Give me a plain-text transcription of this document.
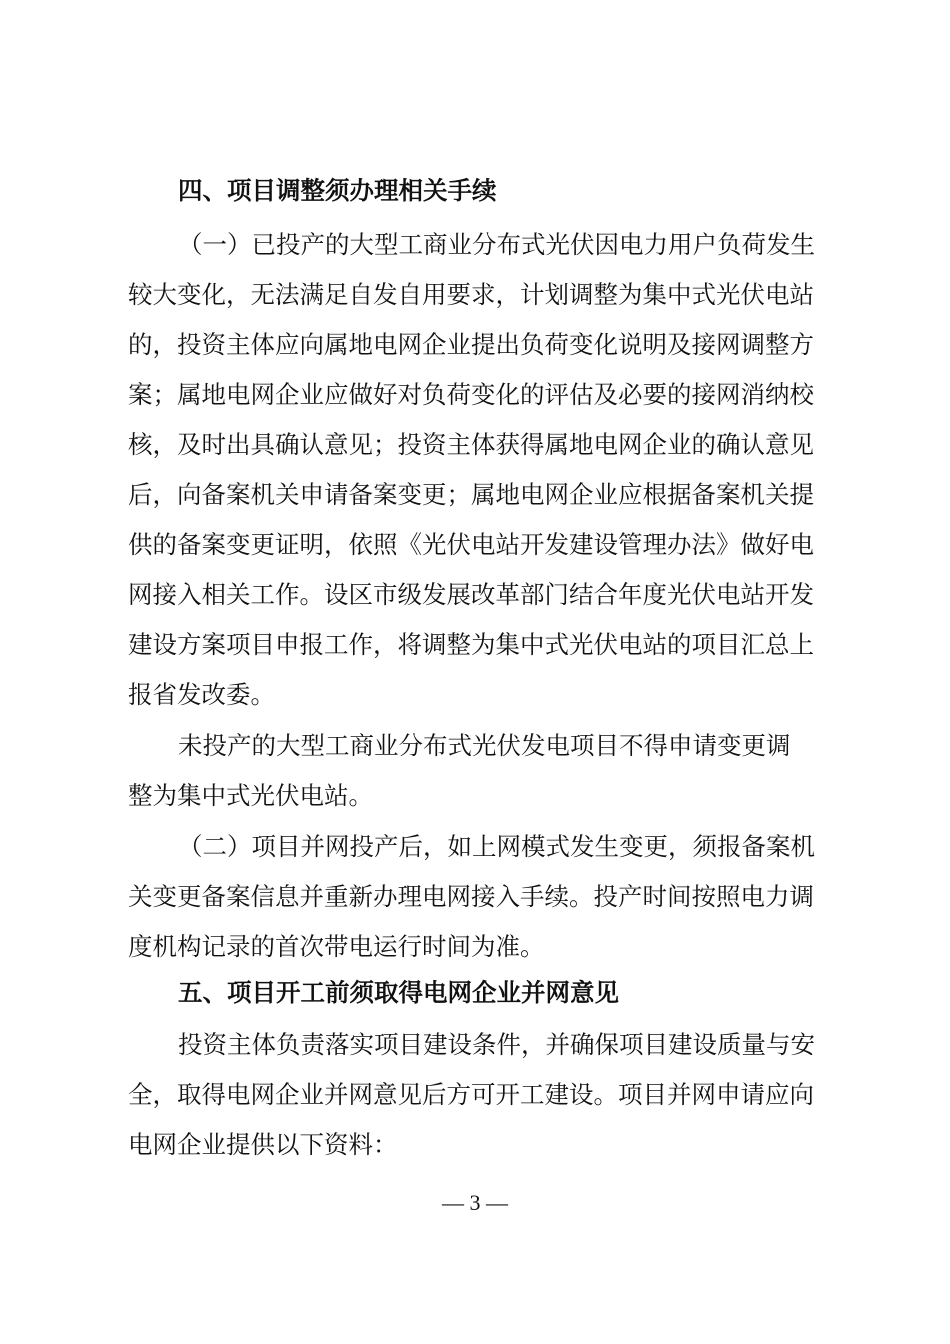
四、项目调整须办理相关手续
（一）已投产的大型工商业分布式光伏因电力用户负荷发生
较大变化，无法满足自发自用要求，计划调整为集中式光伏电站
的，投资主体应向属地电网企业提出负荷变化说明及接网调整方
案；属地电网企业应做好对负荷变化的评估及必要的接网消纳校
核，及时出具确认意见；投资主体获得属地电网企业的确认意见
后，向备案机关申请备案变更；属地电网企业应根据备案机关提
供的备案变更证明，依照《光伏电站开发建设管理办法》做好电
网接入相关工作。设区市级发展改革部门结合年度光伏电站开发
建设方案项目申报工作，将调整为集中式光伏电站的项目汇总上
报省发改委。
未投产的大型工商业分布式光伏发电项目不得申请变更调
整为集中式光伏电站。
（二）项目并网投产后，如上网模式发生变更，须报备案机
关变更备案信息并重新办理电网接入手续。投产时间按照电力调
度机构记录的首次带电运行时间为准。
五、项目开工前须取得电网企业并网意见
投资主体负责落实项目建设条件，并确保项目建设质量与安
全，取得电网企业并网意见后方可开工建设。项目并网申请应向
电网企业提供以下资料：
— 3 —
